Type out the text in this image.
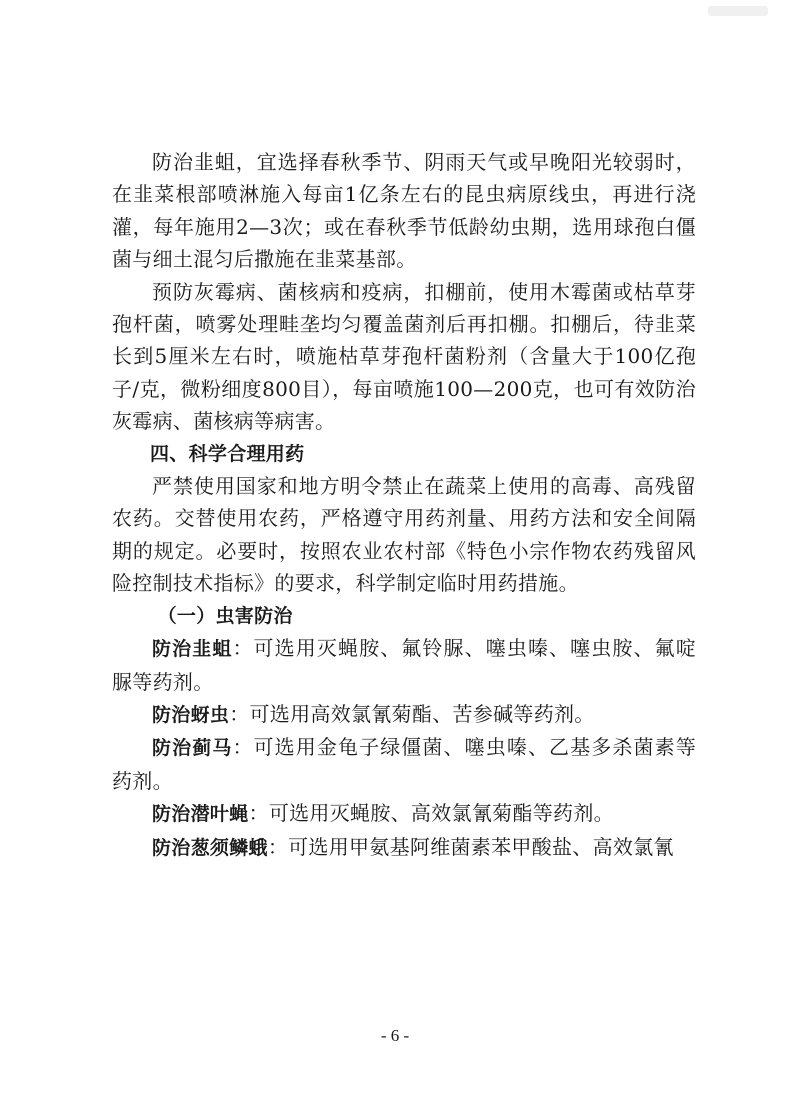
防治韭蛆，宜选择春秋季节、阴雨天气或早晚阳光较弱时，在韭菜根部喷淋施入每亩1亿条左右的昆虫病原线虫，再进行浇灌，每年施用2—3次；或在春秋季节低龄幼虫期，选用球孢白僵菌与细土混匀后撒施在韭菜基部。

预防灰霉病、菌核病和疫病，扣棚前，使用木霉菌或枯草芽孢杆菌，喷雾处理畦垄均匀覆盖菌剂后再扣棚。扣棚后，待韭菜长到5厘米左右时，喷施枯草芽孢杆菌粉剂（含量大于100亿孢子/克，微粉细度800目），每亩喷施100—200克，也可有效防治灰霉病、菌核病等病害。

四、科学合理用药

严禁使用国家和地方明令禁止在蔬菜上使用的高毒、高残留农药。交替使用农药，严格遵守用药剂量、用药方法和安全间隔期的规定。必要时，按照农业农村部《特色小宗作物农药残留风险控制技术指标》的要求，科学制定临时用药措施。

（一）虫害防治

防治韭蛆：可选用灭蝇胺、氟铃脲、噻虫嗪、噻虫胺、氟啶脲等药剂。

防治蚜虫：可选用高效氯氰菊酯、苦参碱等药剂。

防治蓟马：可选用金龟子绿僵菌、噻虫嗪、乙基多杀菌素等药剂。

防治潜叶蝇：可选用灭蝇胺、高效氯氰菊酯等药剂。

防治葱须鳞蛾：可选用甲氨基阿维菌素苯甲酸盐、高效氯氰

- 6 -
